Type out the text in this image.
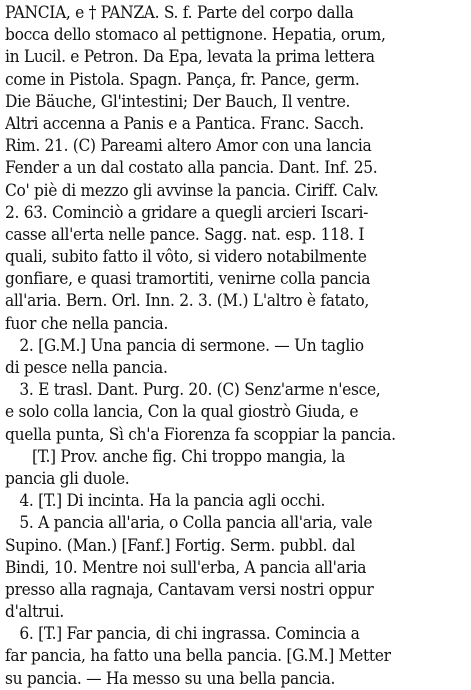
PANCIA, e † PANZA. S. f. Parte del corpo dalla
bocca dello stomaco al pettignone. Hepatia, orum,
in Lucil. e Petron. Da Epa, levata la prima lettera
come in Pistola. Spagn. Pança, fr. Pance, germ.
Die Bäuche, Gl'intestini; Der Bauch, Il ventre.
Altri accenna a Panis e a Pantica. Franc. Sacch.
Rim. 21. (C) Pareami altero Amor con una lancia
Fender a un dal costato alla pancia. Dant. Inf. 25.
Co' piè di mezzo gli avvinse la pancia. Ciriff. Calv.
2. 63. Cominciò a gridare a quegli arcieri Iscari-
casse all'erta nelle pance. Sagg. nat. esp. 118. I
quali, subito fatto il vôto, si videro notabilmente
gonfiare, e quasi tramortiti, venirne colla pancia
all'aria. Bern. Orl. Inn. 2. 3. (M.) L'altro è fatato,
fuor che nella pancia.
2. [G.M.] Una pancia di sermone. — Un taglio
di pesce nella pancia.
3. E trasl. Dant. Purg. 20. (C) Senz'arme n'esce,
e solo colla lancia, Con la qual giostrò Giuda, e
quella punta, Sì ch'a Fiorenza fa scoppiar la pancia.
[T.] Prov. anche fig. Chi troppo mangia, la
pancia gli duole.
4. [T.] Di incinta. Ha la pancia agli occhi.
5. A pancia all'aria, o Colla pancia all'aria, vale
Supino. (Man.) [Fanf.] Fortig. Serm. pubbl. dal
Bindi, 10. Mentre noi sull'erba, A pancia all'aria
presso alla ragnaja, Cantavam versi nostri oppur
d'altrui.
6. [T.] Far pancia, di chi ingrassa. Comincia a
far pancia, ha fatto una bella pancia. [G.M.] Metter
su pancia. — Ha messo su una bella pancia.
